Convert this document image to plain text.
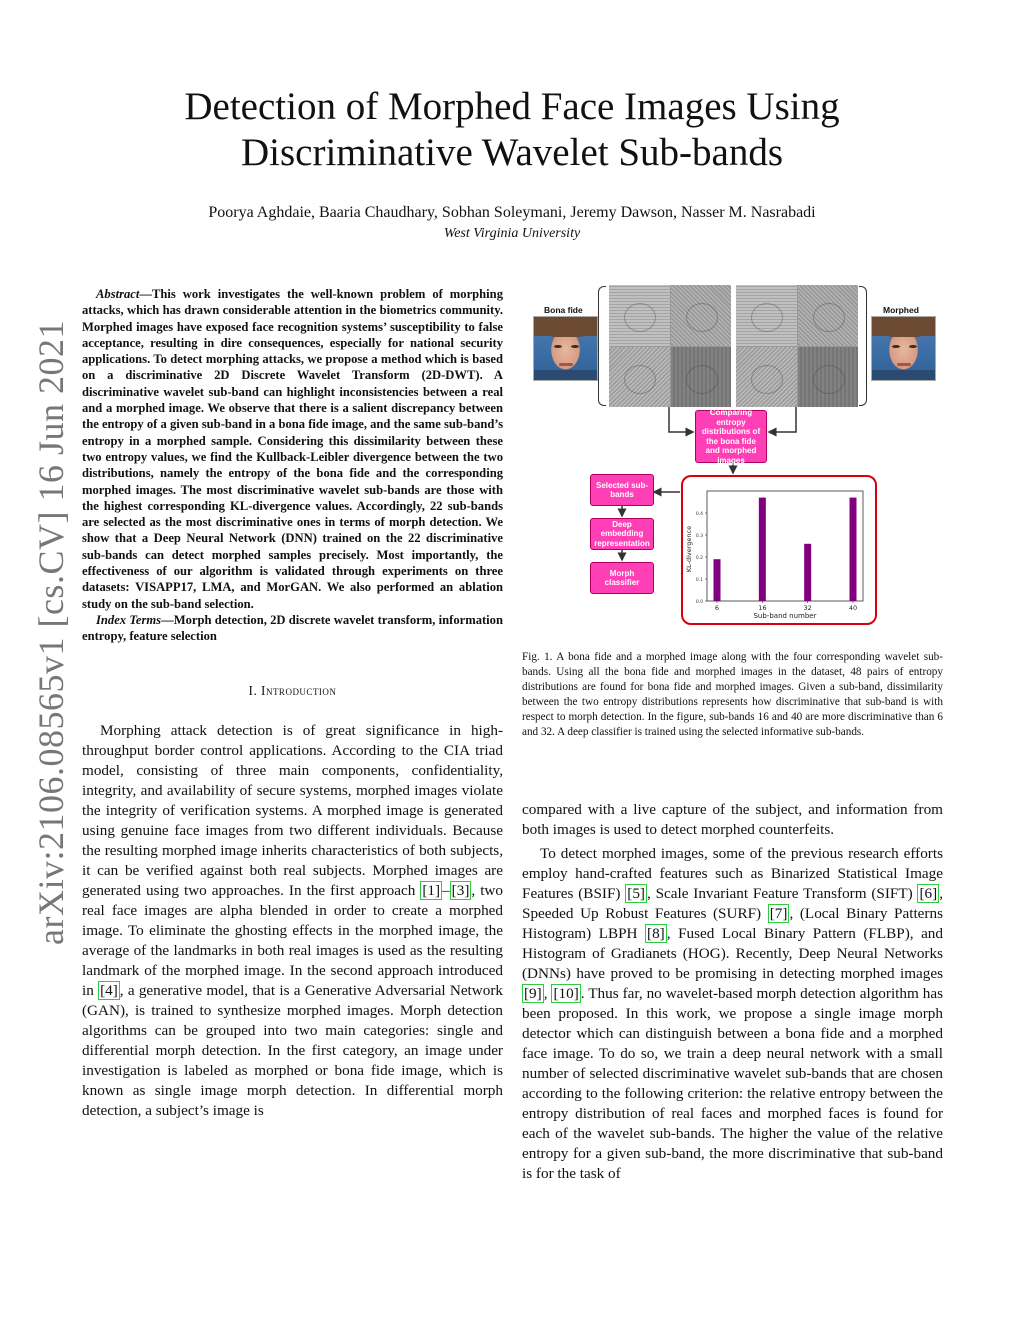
arXiv:2106.08565v1 [cs.CV] 16 Jun 2021
Detection of Morphed Face Images Using
Discriminative Wavelet Sub-bands
Poorya Aghdaie, Baaria Chaudhary, Sobhan Soleymani, Jeremy Dawson, Nasser M. Nasrabadi
West Virginia University

Abstract—This work investigates the well-known problem of morphing attacks, which has drawn considerable attention in the biometrics community. Morphed images have exposed face recognition systems’ susceptibility to false acceptance, resulting in dire consequences, especially for national security applications. To detect morphing attacks, we propose a method which is based on a discriminative 2D Discrete Wavelet Transform (2D-DWT). A discriminative wavelet sub-band can highlight inconsistencies between a real and a morphed image. We observe that there is a salient discrepancy between the entropy of a given sub-band in a bona fide image, and the same sub-band’s entropy in a morphed sample. Considering this dissimilarity between these two entropy values, we find the Kullback-Leibler divergence between the two distributions, namely the entropy of the bona fide and the corresponding morphed images. The most discriminative wavelet sub-bands are those with the highest corresponding KL-divergence values. Accordingly, 22 sub-bands are selected as the most discriminative ones in terms of morph detection. We show that a Deep Neural Network (DNN) trained on the 22 discriminative sub-bands can detect morphed samples precisely. Most importantly, the effectiveness of our algorithm is validated through experiments on three datasets: VISAPP17, LMA, and MorGAN. We also performed an ablation study on the sub-band selection.

Index Terms—Morph detection, 2D discrete wavelet transform, information entropy, feature selection

I. Introduction

Morphing attack detection is of great significance in high-throughput border control applications. According to the CIA triad model, consisting of three main components, confidentiality, integrity, and availability of secure systems, morphed images violate the integrity of verification systems. A morphed image is generated using genuine face images from two different individuals. Because the resulting morphed image inherits characteristics of both subjects, it can be verified against both real subjects. Morphed images are generated using two approaches. In the first approach [1] – [3] , two real face images are alpha blended in order to create a morphed image. To eliminate the ghosting effects in the morphed image, the average of the landmarks in both real images is used as the resulting landmark of the morphed image. In the second approach introduced in [4] , a generative model, that is a Generative Adversarial Network (GAN), is trained to synthesize morphed images. Morph detection algorithms can be grouped into two main categories: single and differential morph detection. In the first category, an image under investigation is labeled as morphed or bona fide image, which is known as single image morph detection. In differential morph detection, a subject’s image is

Bona fide	Morphed
Comparing entropy distributions of the bona fide and morphed images
Selected sub-bands
Deep embedding representation
Morph classifier
KL-divergence
Sub-band number
0.0
0.1
0.2
0.3
0.4
6	16	32	40
Fig. 1. A bona fide and a morphed image along with the four corresponding wavelet sub-bands. Using all the bona fide and morphed images in the dataset, 48 pairs of entropy distributions are found for bona fide and morphed images. Given a sub-band, dissimilarity between the two entropy distributions represents how discriminative that sub-band is with respect to morph detection. In the figure, sub-bands 16 and 40 are more discriminative than 6 and 32. A deep classifier is trained using the selected informative sub-bands.

compared with a live capture of the subject, and information from both images is used to detect morphed counterfeits.

To detect morphed images, some of the previous research efforts employ hand-crafted features such as Binarized Statistical Image Features (BSIF) [5] , Scale Invariant Feature Transform (SIFT) [6] , Speeded Up Robust Features (SURF) [7] , (Local Binary Patterns Histogram) LBPH [8] , Fused Local Binary Pattern (FLBP), and Histogram of Gradianets (HOG). Recently, Deep Neural Networks (DNNs) have proved to be promising in detecting morphed images [9] , [10] . Thus far, no wavelet-based morph detection algorithm has been proposed. In this work, we propose a single image morph detector which can distinguish between a bona fide and a morphed face image. To do so, we train a deep neural network with a small number of selected discriminative wavelet sub-bands that are chosen according to the following criterion: the relative entropy between the entropy distribution of real faces and morphed faces is found for each of the wavelet sub-bands. The higher the value of the relative entropy for a given sub-band, the more discriminative that sub-band is for the task of
